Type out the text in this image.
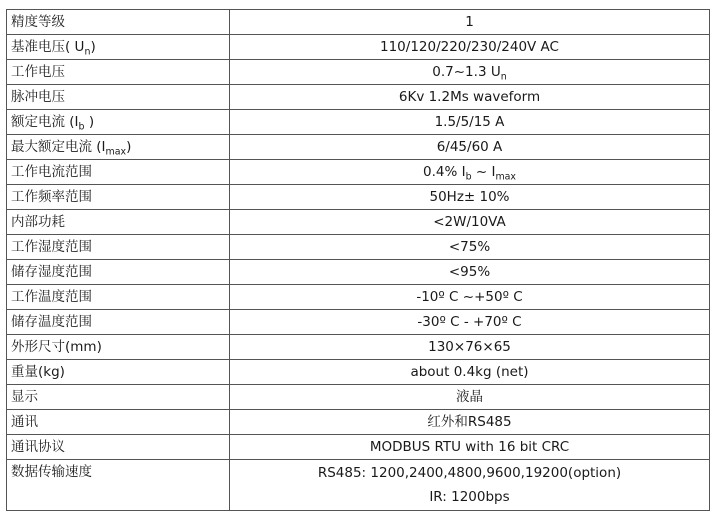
精度等级	1
基准电压( $U_n$)	110/120/220/230/240V AC
工作电压	0.7~1.3 $U_n$
脉冲电压	6Kv 1.2Ms waveform
额定电流 ($I_b$ )	1.5/5/15 A
最大额定电流 $(I_{max})$	6/45/60 A
工作电流范围	0.4% $I_b$ ~ $I_{max}$
工作频率范围	50Hz± 10%
内部功耗	<2W/10VA
工作湿度范围	<75%
储存湿度范围	<95%
工作温度范围	-10º C ~+50º C
储存温度范围	-30º C - +70º C
外形尺寸(mm)	130×76×65
重量(kg)	about 0.4kg (net)
显示	液晶
通讯	红外和RS485
通讯协议	MODBUS RTU with 16 bit CRC
数据传输速度	RS485: 1200,2400,4800,9600,19200(option)
IR: 1200bps
